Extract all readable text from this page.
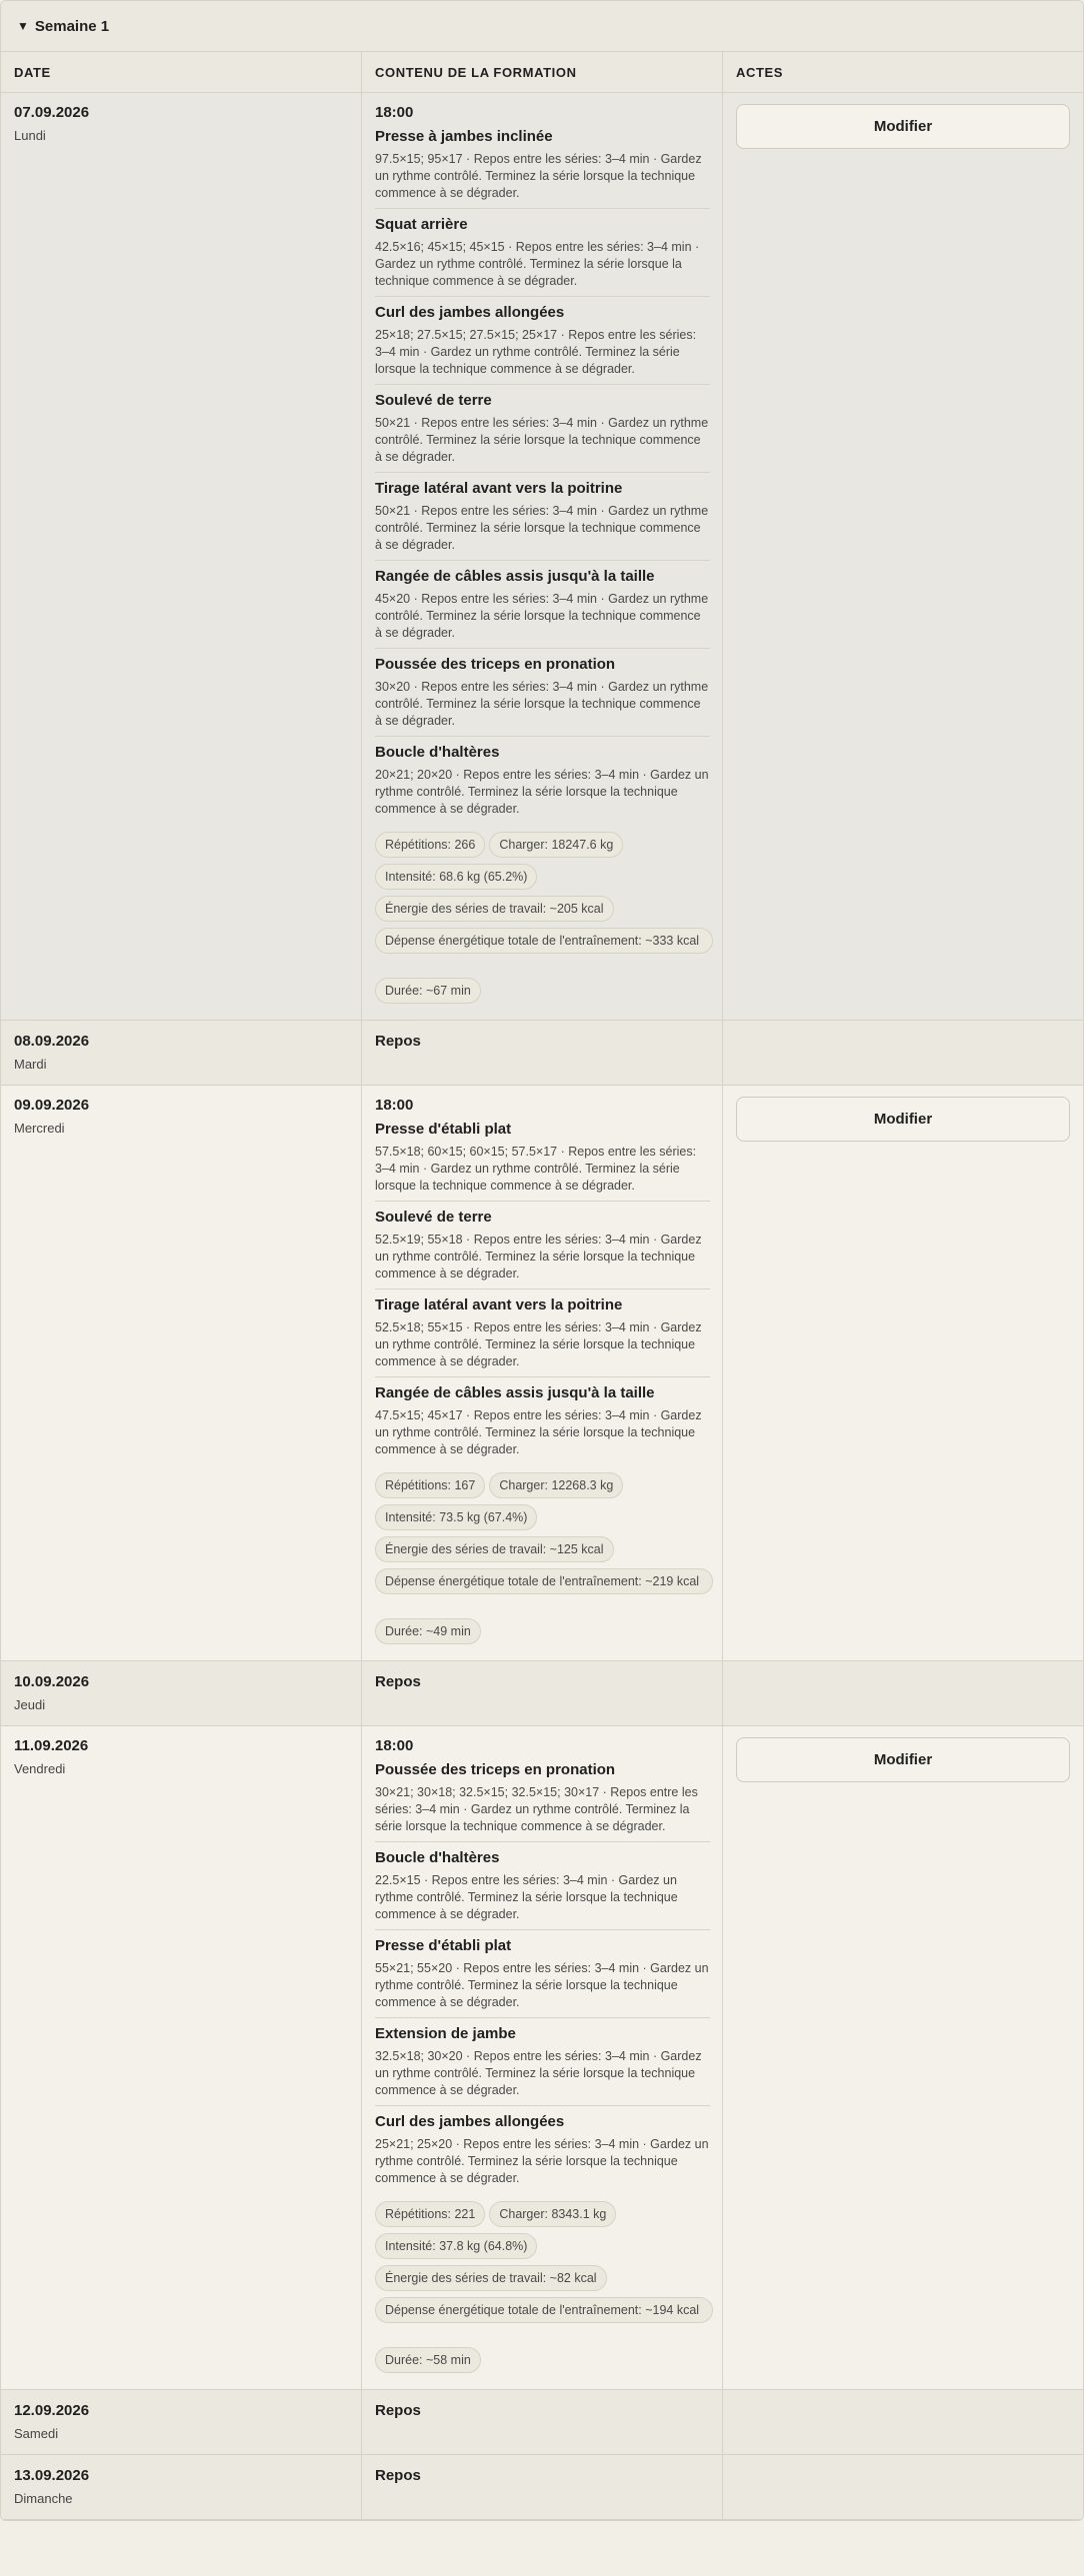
▼ Semaine 1
DATE	CONTENU DE LA FORMATION	ACTES
07.09.2026
Lundi
18:00
Presse à jambes inclinée
97.5×15; 95×17 · Repos entre les séries: 3–4 min · Gardez un rythme contrôlé. Terminez la série lorsque la technique commence à se dégrader.
Squat arrière
42.5×16; 45×15; 45×15 · Repos entre les séries: 3–4 min · Gardez un rythme contrôlé. Terminez la série lorsque la technique commence à se dégrader.
Curl des jambes allongées
25×18; 27.5×15; 27.5×15; 25×17 · Repos entre les séries: 3–4 min · Gardez un rythme contrôlé. Terminez la série lorsque la technique commence à se dégrader.
Soulevé de terre
50×21 · Repos entre les séries: 3–4 min · Gardez un rythme contrôlé. Terminez la série lorsque la technique commence à se dégrader.
Tirage latéral avant vers la poitrine
50×21 · Repos entre les séries: 3–4 min · Gardez un rythme contrôlé. Terminez la série lorsque la technique commence à se dégrader.
Rangée de câbles assis jusqu'à la taille
45×20 · Repos entre les séries: 3–4 min · Gardez un rythme contrôlé. Terminez la série lorsque la technique commence à se dégrader.
Poussée des triceps en pronation
30×20 · Repos entre les séries: 3–4 min · Gardez un rythme contrôlé. Terminez la série lorsque la technique commence à se dégrader.
Boucle d'haltères
20×21; 20×20 · Repos entre les séries: 3–4 min · Gardez un rythme contrôlé. Terminez la série lorsque la technique commence à se dégrader.
Répétitions: 266 Charger: 18247.6 kg
Intensité: 68.6 kg (65.2%)
Énergie des séries de travail: ~205 kcal

Dépense énergétique totale de l'entraînement: ~333 kcal

Durée: ~67 min
Modifier
08.09.2026
Mardi
Repos
09.09.2026
Mercredi
18:00
Presse d'établi plat
57.5×18; 60×15; 60×15; 57.5×17 · Repos entre les séries: 3–4 min · Gardez un rythme contrôlé. Terminez la série lorsque la technique commence à se dégrader.
Soulevé de terre
52.5×19; 55×18 · Repos entre les séries: 3–4 min · Gardez un rythme contrôlé. Terminez la série lorsque la technique commence à se dégrader.
Tirage latéral avant vers la poitrine
52.5×18; 55×15 · Repos entre les séries: 3–4 min · Gardez un rythme contrôlé. Terminez la série lorsque la technique commence à se dégrader.
Rangée de câbles assis jusqu'à la taille
47.5×15; 45×17 · Repos entre les séries: 3–4 min · Gardez un rythme contrôlé. Terminez la série lorsque la technique commence à se dégrader.
Répétitions: 167 Charger: 12268.3 kg
Intensité: 73.5 kg (67.4%)
Énergie des séries de travail: ~125 kcal

Dépense énergétique totale de l'entraînement: ~219 kcal

Durée: ~49 min
Modifier
10.09.2026
Jeudi
Repos
11.09.2026
Vendredi
18:00
Poussée des triceps en pronation
30×21; 30×18; 32.5×15; 32.5×15; 30×17 · Repos entre les séries: 3–4 min · Gardez un rythme contrôlé. Terminez la série lorsque la technique commence à se dégrader.
Boucle d'haltères
22.5×15 · Repos entre les séries: 3–4 min · Gardez un rythme contrôlé. Terminez la série lorsque la technique commence à se dégrader.
Presse d'établi plat
55×21; 55×20 · Repos entre les séries: 3–4 min · Gardez un rythme contrôlé. Terminez la série lorsque la technique commence à se dégrader.
Extension de jambe
32.5×18; 30×20 · Repos entre les séries: 3–4 min · Gardez un rythme contrôlé. Terminez la série lorsque la technique commence à se dégrader.
Curl des jambes allongées
25×21; 25×20 · Repos entre les séries: 3–4 min · Gardez un rythme contrôlé. Terminez la série lorsque la technique commence à se dégrader.
Répétitions: 221 Charger: 8343.1 kg
Intensité: 37.8 kg (64.8%)
Énergie des séries de travail: ~82 kcal

Dépense énergétique totale de l'entraînement: ~194 kcal

Durée: ~58 min
Modifier
12.09.2026
Samedi
Repos
13.09.2026
Dimanche
Repos
